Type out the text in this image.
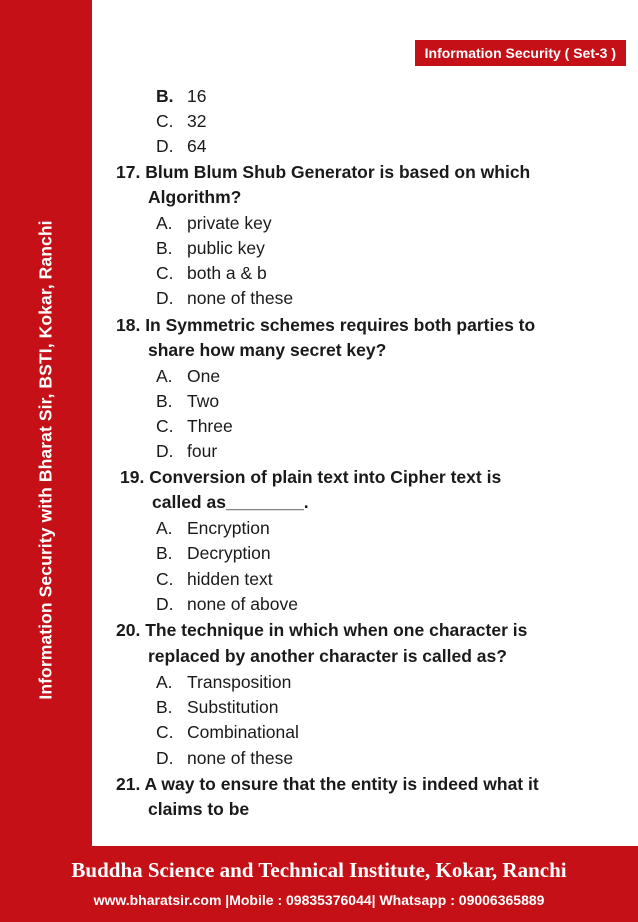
Information Security with Bharat Sir, BSTI, Kokar, Ranchi
Information Security ( Set-3 )
B. 16
C. 32
D. 64
17. Blum Blum Shub Generator is based on which
Algorithm?
A. private key
B. public key
C. both a & b
D. none of these
18. In Symmetric schemes requires both parties to
share how many secret key?
A. One
B. Two
C. Three
D. four
19. Conversion of plain text into Cipher text is
called as________.
A. Encryption
B. Decryption
C. hidden text
D. none of above
20. The technique in which when one character is
replaced by another character is called as?
A. Transposition
B. Substitution
C. Combinational
D. none of these
21. A way to ensure that the entity is indeed what it
claims to be
Buddha Science and Technical Institute, Kokar, Ranchi
www.bharatsir.com |Mobile : 09835376044| Whatsapp : 09006365889
